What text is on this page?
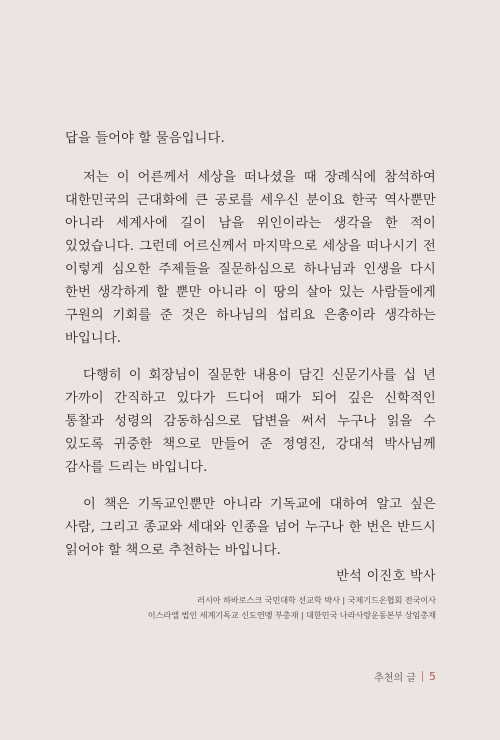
답을 들어야 할 물음입니다.

저는 이 어른께서 세상을 떠나셨을 때 장례식에 참석하여 대한민국의 근대화에 큰 공로를 세우신 분이요 한국 역사뿐만 아니라 세계사에 길이 남을 위인이라는 생각을 한 적이 있었습니다. 그런데 어르신께서 마지막으로 세상을 떠나시기 전 이렇게 심오한 주제들을 질문하심으로 하나님과 인생을 다시 한번 생각하게 할 뿐만 아니라 이 땅의 살아 있는 사람들에게 구원의 기회를 준 것은 하나님의 섭리요 은총이라 생각하는 바입니다.

다행히 이 회장님이 질문한 내용이 담긴 신문기사를 십 년 가까이 간직하고 있다가 드디어 때가 되어 깊은 신학적인 통찰과 성령의 감동하심으로 답변을 써서 누구나 읽을 수 있도록 귀중한 책으로 만들어 준 정영진, 강대석 박사님께 감사를 드리는 바입니다.

이 책은 기독교인뿐만 아니라 기독교에 대하여 알고 싶은 사람, 그리고 종교와 세대와 인종을 넘어 누구나 한 번은 반드시 읽어야 할 책으로 추천하는 바입니다.

반석 이진호 박사
러시아 하바로스크 국민대학 선교학 박사 | 국제기드온협회 전국이사
이스라엘 법인 세계기독교 신도연맹 부총재 | 대한민국 나라사랑운동본부 상임총재
추천의 글 5
